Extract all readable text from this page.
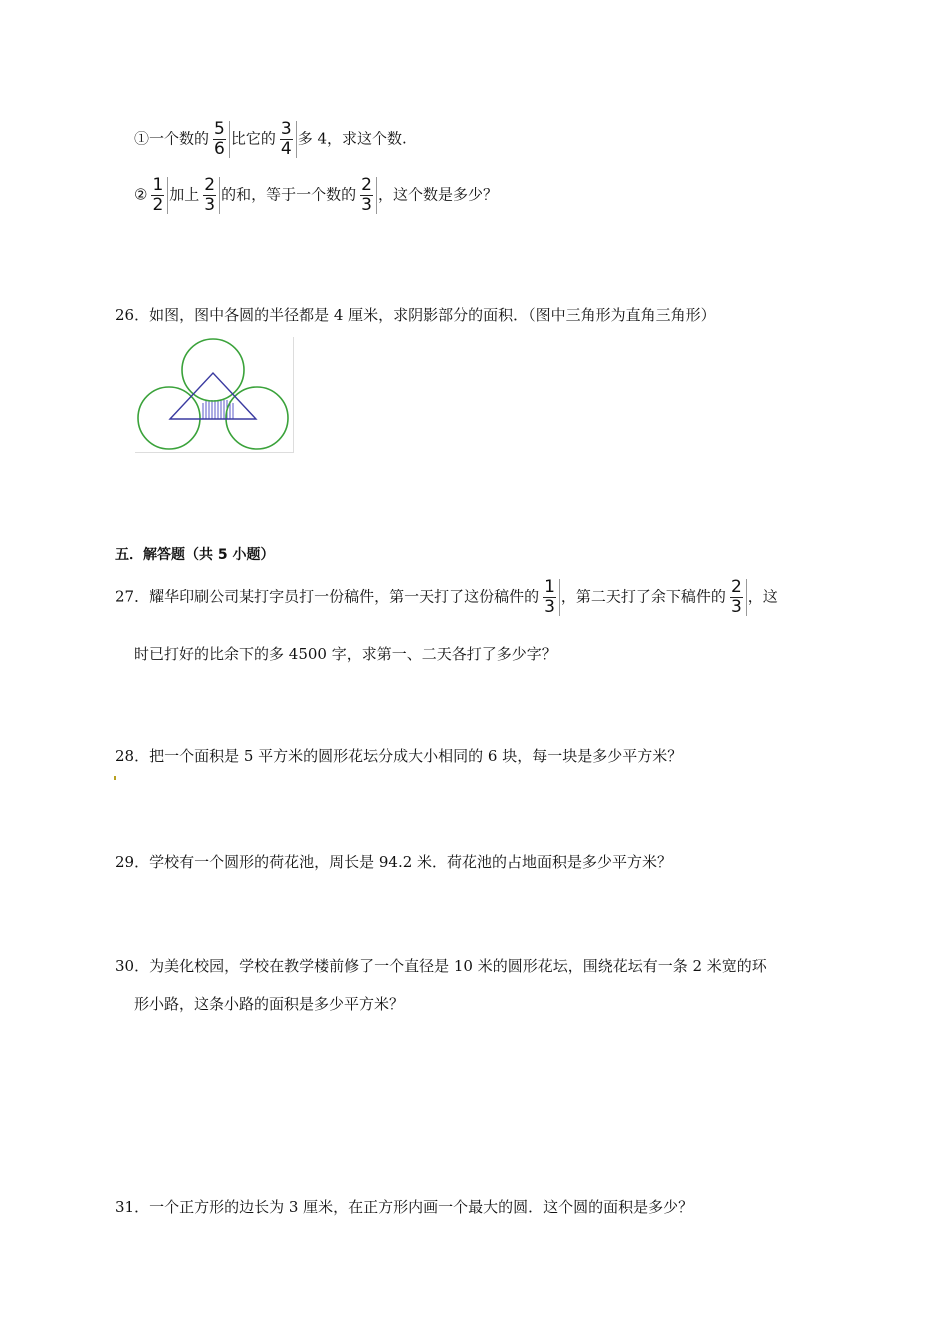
①一个数的 $\frac{5}{6}$ 比它的 $\frac{3}{4}$ 多 4，求这个数.
② $\frac{1}{2}$ 加上 $\frac{2}{3}$ 的和，等于一个数的 $\frac{2}{3}$ ，这个数是多少？
26．如图，图中各圆的半径都是 4 厘米，求阴影部分的面积．（图中三角形为直角三角形）
五．解答题（共 5 小题）
27．耀华印刷公司某打字员打一份稿件，第一天打了这份稿件的 $\frac{1}{3}$ ，第二天打了余下稿件的 $\frac{2}{3}$ ，这
时已打好的比余下的多 4500 字，求第一、二天各打了多少字？
28．把一个面积是 5 平方米的圆形花坛分成大小相同的 6 块，每一块是多少平方米？
29．学校有一个圆形的荷花池，周长是 94.2 米．荷花池的占地面积是多少平方米？
30．为美化校园，学校在教学楼前修了一个直径是 10 米的圆形花坛，围绕花坛有一条 2 米宽的环
形小路，这条小路的面积是多少平方米？
31．一个正方形的边长为 3 厘米，在正方形内画一个最大的圆．这个圆的面积是多少？
